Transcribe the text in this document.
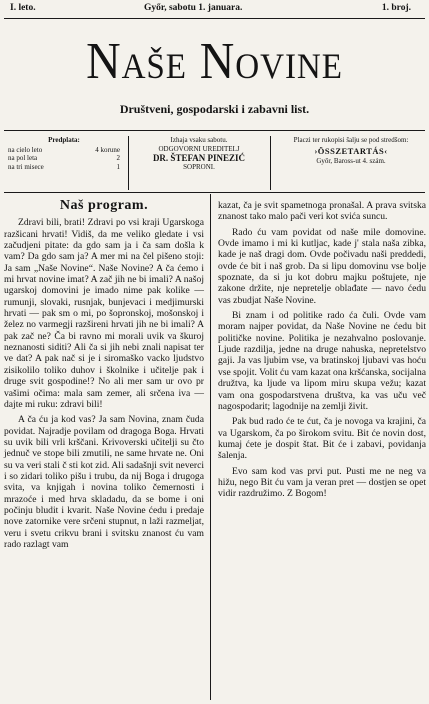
I. leto.	Győr, sabotu 1. januara.	1. broj.
Naše Novine
Društveni, gospodarski i zabavni list.
Predplata:
na cielo leto	4 korune
na pol leta	2
na tri misece	1
Izhaja vsaku sabotu.
ODGOVORNI UREDITELJ
DR. ŠTEFAN PINEZIĆ
SOPRONI.
Placzi ter rukopisi šalju se pod stredšom:
›ÖSSZETARTÁS‹
Győr, Baross-ut 4. szám.
Naš program.

Zdravi bili, brati! Zdravi po vsi kraji Ugarskoga razšicani hrvati! Vidiš, da me veliko gledate i vsi začudjeni pitate: da gdo sam ja i ča sam došla k vam? Da gdo sam ja? A mer mi na čel pišeno stoji: Ja sam „Naše Novine“. Naše Novine? A ča ćemo i mi hrvat novine imat? A zač jih ne bi imali? A našoj ugarskoj domovini je imado nime pak kolike — rumunji, slovaki, rusnjak, bunjevaci i medjimurski hrvati — pak sm o mi, po šopronskoj, mošonskoj i želez no varmegji razšireni hrvati jih ne bi imali? A pak zač ne? Ča bi ravno mi morali uvik va škuroj neznanosti siditi? Ali ča si jih nebi znali napisat ter ve dat? A pak nač si je i siromaško vacko ljudstvo zisikolilo toliko duhov i školnike i učitelje pak i druge svit gospodine!? No ali mer sam ur ovo pr vašimi očima: mala sam zemer, ali srčena iva — dajte mi ruku: zdravi bili!

A ča ću ja kod vas? Ja sam Novina, znam čuda povidat. Najradje povilam od dragoga Boga. Hrvati su uvik bili vrli krščani. Krivoverski učitelji su čto jednuč ve stope bili zmutili, ne same hrvate ne. Oni su va veri stali č sti kot zid. Ali sadašnji svit neverci i so zidari toliko pišu i trubu, da nij Boga i drugoga svita, va knjigah i novina toliko čemernosti i mrazoće i med hrva skladadu, da se bome i oni počinju bludit i kvarit. Naše Novine ćedu i predaje nove zatornike vere srčeni stupnut, n laži razmeljat, veru i svetu crikvu brani i svitsku znanost ću vam rado razlagt vam

kazat, ča je svit spametnoga pronašal. A prava svitska znanost tako malo pači veri kot svića suncu.

Rado ću vam povidat od naše mile domovine. Ovde imamo i mi ki kutljac, kade j' stala naša zibka, kade je naš dragi dom. Ovde počivadu naši preddedi, ovde će bit i naš grob. Da si lipu domovinu vse bolje spoznate, da si ju kot dobru majku poštujete, nje zakone držite, nje nepretelje oblađate — navo ćedu vas zbudjat Naše Novine.

Bi znam i od politike rado ća čuli. Ovde vam moram najper povidat, da Naše Novine ne ćedu bit političke novine. Politika je nezahvalno poslovanje. Ljude razdilja, jedne na druge nahuska, nepretelstvo gaji. Ja vas ljubim vse, va bratinskoj ljubavi vas hoću vse spojit. Volit ću vam kazat ona kršćanska, socijalna družtva, ka ljude va lipom miru skupa vežu; kazat vam ona gospodarstvena društva, ka vas uču več nagospodarit; lagodnije na zemlji živit.

Pak bud rado će te ćut, ča je novoga va krajini, ča va Ugarskom, ča po širokom svitu. Bit će novin dost, kumaj ćete je dospit štat. Bit će i zabavi, povidanja šalenja.

Evo sam kod vas prvi put. Pusti me ne neg va hižu, nego Bit ću vam ja veran pret — dostjen se opet vidir razdružimo. Z Bogom!
